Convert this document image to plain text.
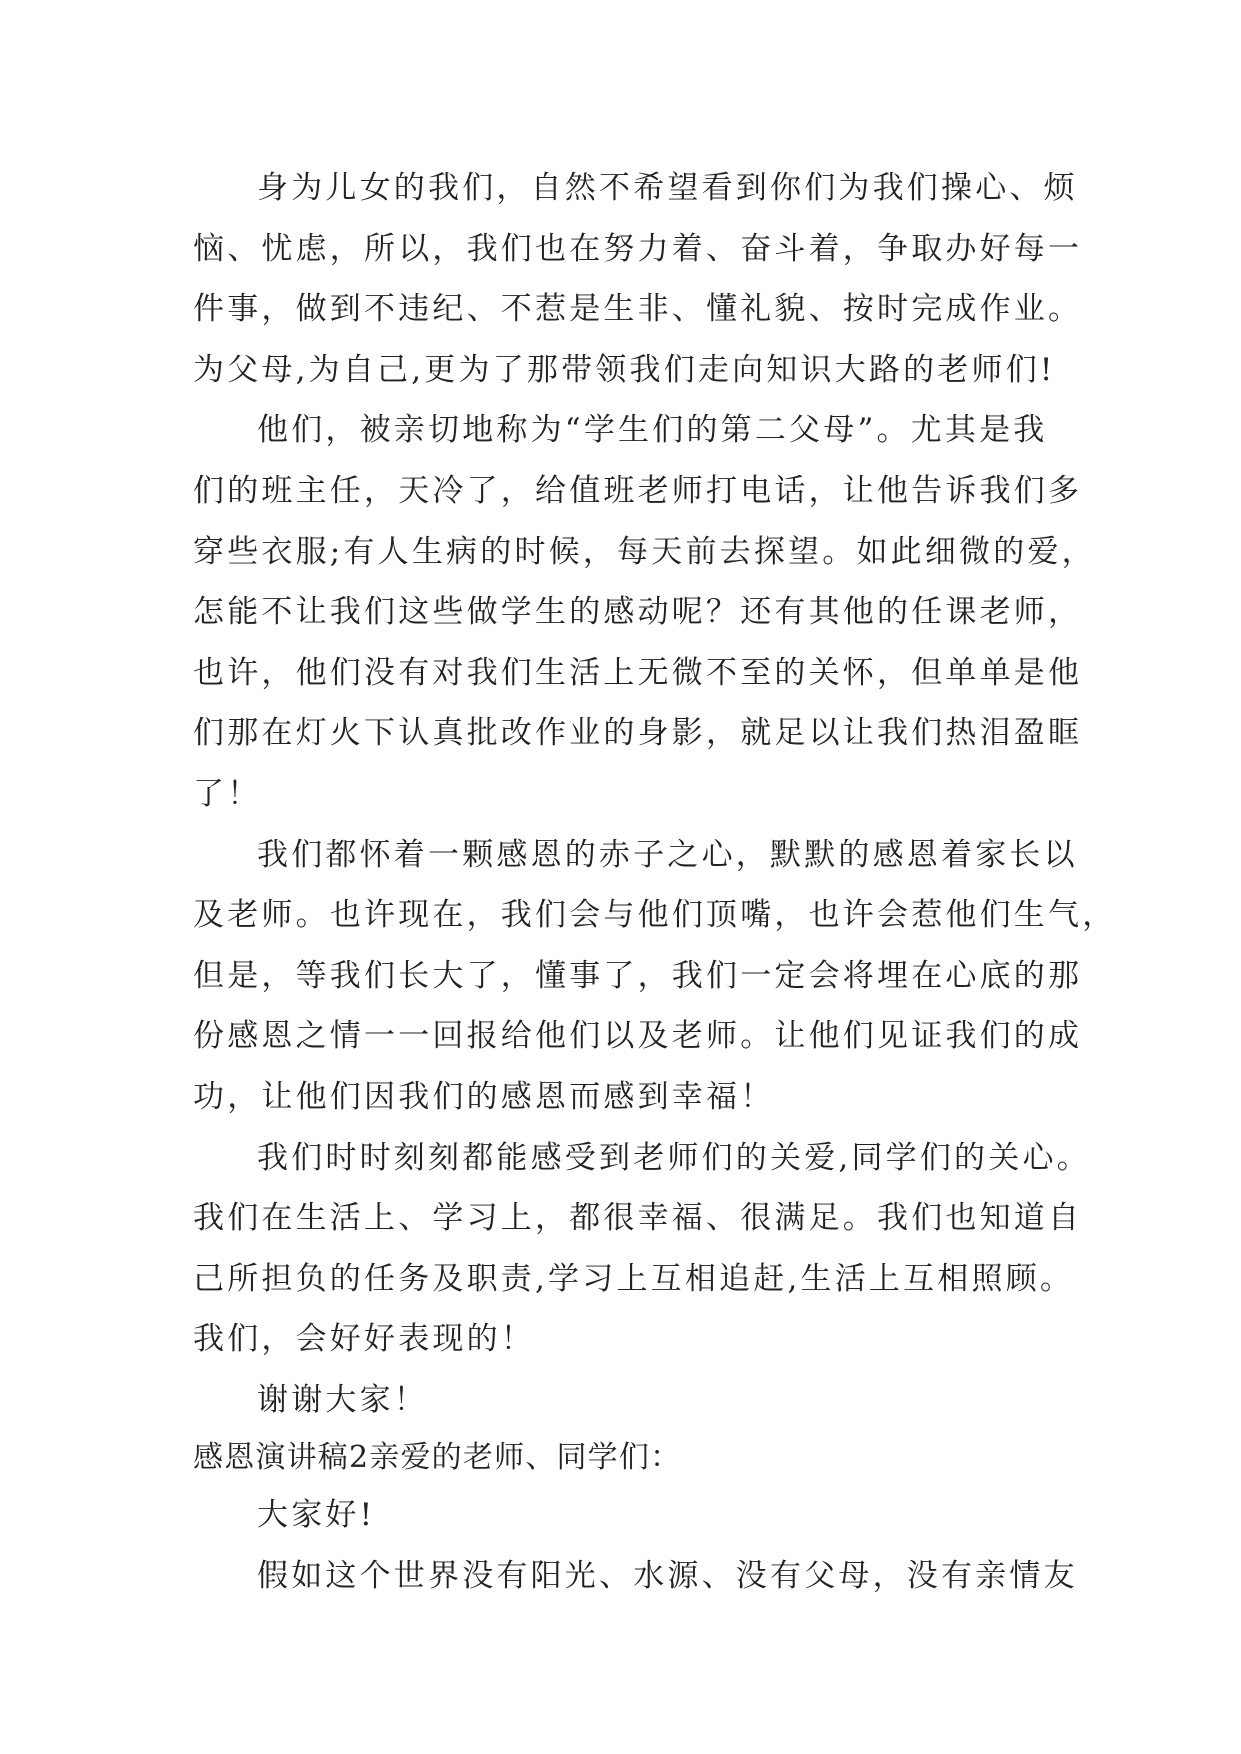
身为儿女的我们，自然不希望看到你们为我们操心、烦
恼、忧虑，所以，我们也在努力着、奋斗着，争取办好每一
件事，做到不违纪、不惹是生非、懂礼貌、按时完成作业。
为父母,为自己,更为了那带领我们走向知识大路的老师们!
他们，被亲切地称为“学生们的第二父母”。尤其是我
们的班主任，天冷了，给值班老师打电话，让他告诉我们多
穿些衣服;有人生病的时候，每天前去探望。如此细微的爱，
怎能不让我们这些做学生的感动呢？还有其他的任课老师，
也许，他们没有对我们生活上无微不至的关怀，但单单是他
们那在灯火下认真批改作业的身影，就足以让我们热泪盈眶
了！
我们都怀着一颗感恩的赤子之心，默默的感恩着家长以
及老师。也许现在，我们会与他们顶嘴，也许会惹他们生气，
但是，等我们长大了，懂事了，我们一定会将埋在心底的那
份感恩之情一一回报给他们以及老师。让他们见证我们的成
功，让他们因我们的感恩而感到幸福！
我们时时刻刻都能感受到老师们的关爱,同学们的关心。
我们在生活上、学习上，都很幸福、很满足。我们也知道自
己所担负的任务及职责,学习上互相追赶,生活上互相照顾。
我们，会好好表现的！
谢谢大家！
感恩演讲稿2亲爱的老师、同学们：
大家好!
假如这个世界没有阳光、水源、没有父母，没有亲情友
